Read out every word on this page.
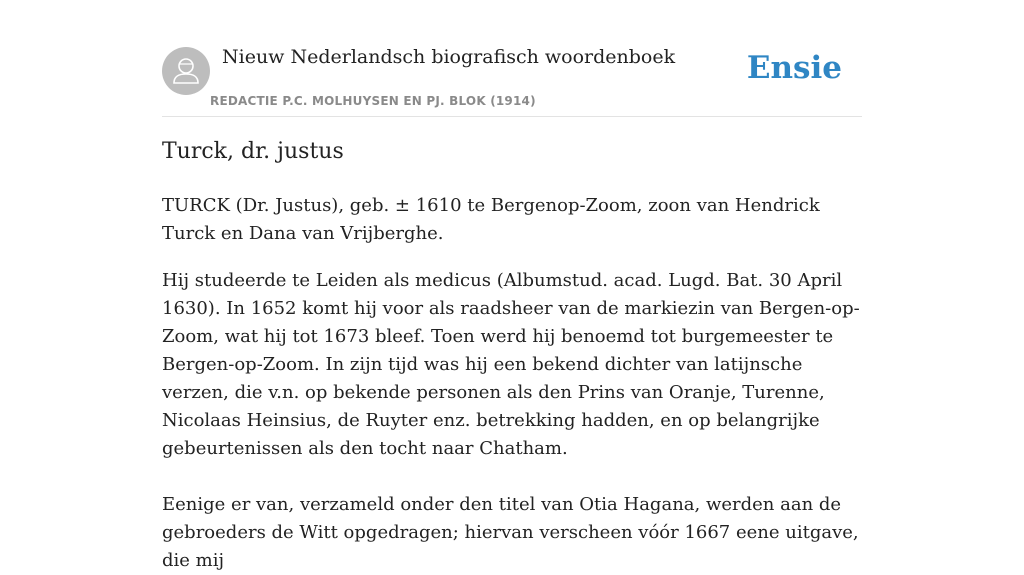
Nieuw Nederlandsch biografisch woordenboek
REDACTIE P.C. MOLHUYSEN EN PJ. BLOK (1914)
Ensie
Turck, dr. justus

TURCK (Dr. Justus), geb. ± 1610 te Bergenop-Zoom, zoon van Hendrick Turck en Dana van Vrijberghe.

Hij studeerde te Leiden als medicus (Albumstud. acad. Lugd. Bat. 30 April 1630). In 1652 komt hij voor als raadsheer van de markiezin van Bergen-op-Zoom, wat hij tot 1673 bleef. Toen werd hij benoemd tot burgemeester te Bergen-op-Zoom. In zijn tijd was hij een bekend dichter van latijnsche verzen, die v.n. op bekende personen als den Prins van Oranje, Turenne, Nicolaas Heinsius, de Ruyter enz. betrekking hadden, en op belangrijke gebeurtenissen als den tocht naar Chatham.

Eenige er van, verzameld onder den titel van Otia Hagana, werden aan de gebroeders de Witt opgedragen; hiervan verscheen vóór 1667 eene uitgave, die mij
